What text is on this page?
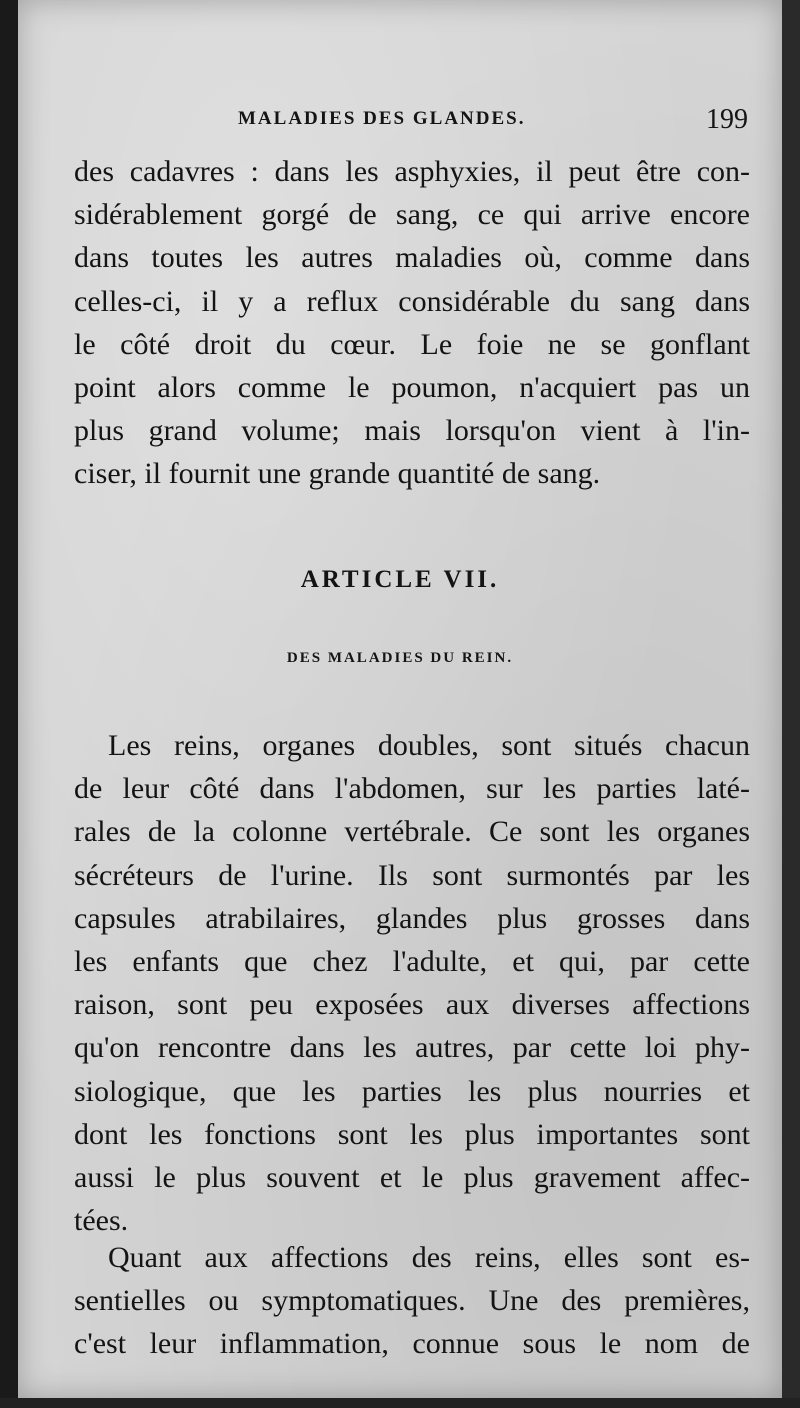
MALADIES DES GLANDES.	199
des cadavres : dans les asphyxies, il peut être con-
sidérablement gorgé de sang, ce qui arrive encore
dans toutes les autres maladies où, comme dans
celles-ci, il y a reflux considérable du sang dans
le côté droit du cœur. Le foie ne se gonflant
point alors comme le poumon, n'acquiert pas un
plus grand volume; mais lorsqu'on vient à l'in-
ciser, il fournit une grande quantité de sang.
ARTICLE VII.
DES MALADIES DU REIN.
Les reins, organes doubles, sont situés chacun
de leur côté dans l'abdomen, sur les parties laté-
rales de la colonne vertébrale. Ce sont les organes
sécréteurs de l'urine. Ils sont surmontés par les
capsules atrabilaires, glandes plus grosses dans
les enfants que chez l'adulte, et qui, par cette
raison, sont peu exposées aux diverses affections
qu'on rencontre dans les autres, par cette loi phy-
siologique, que les parties les plus nourries et
dont les fonctions sont les plus importantes sont
aussi le plus souvent et le plus gravement affec-
tées.
Quant aux affections des reins, elles sont es-
sentielles ou symptomatiques. Une des premières,
c'est leur inflammation, connue sous le nom de
